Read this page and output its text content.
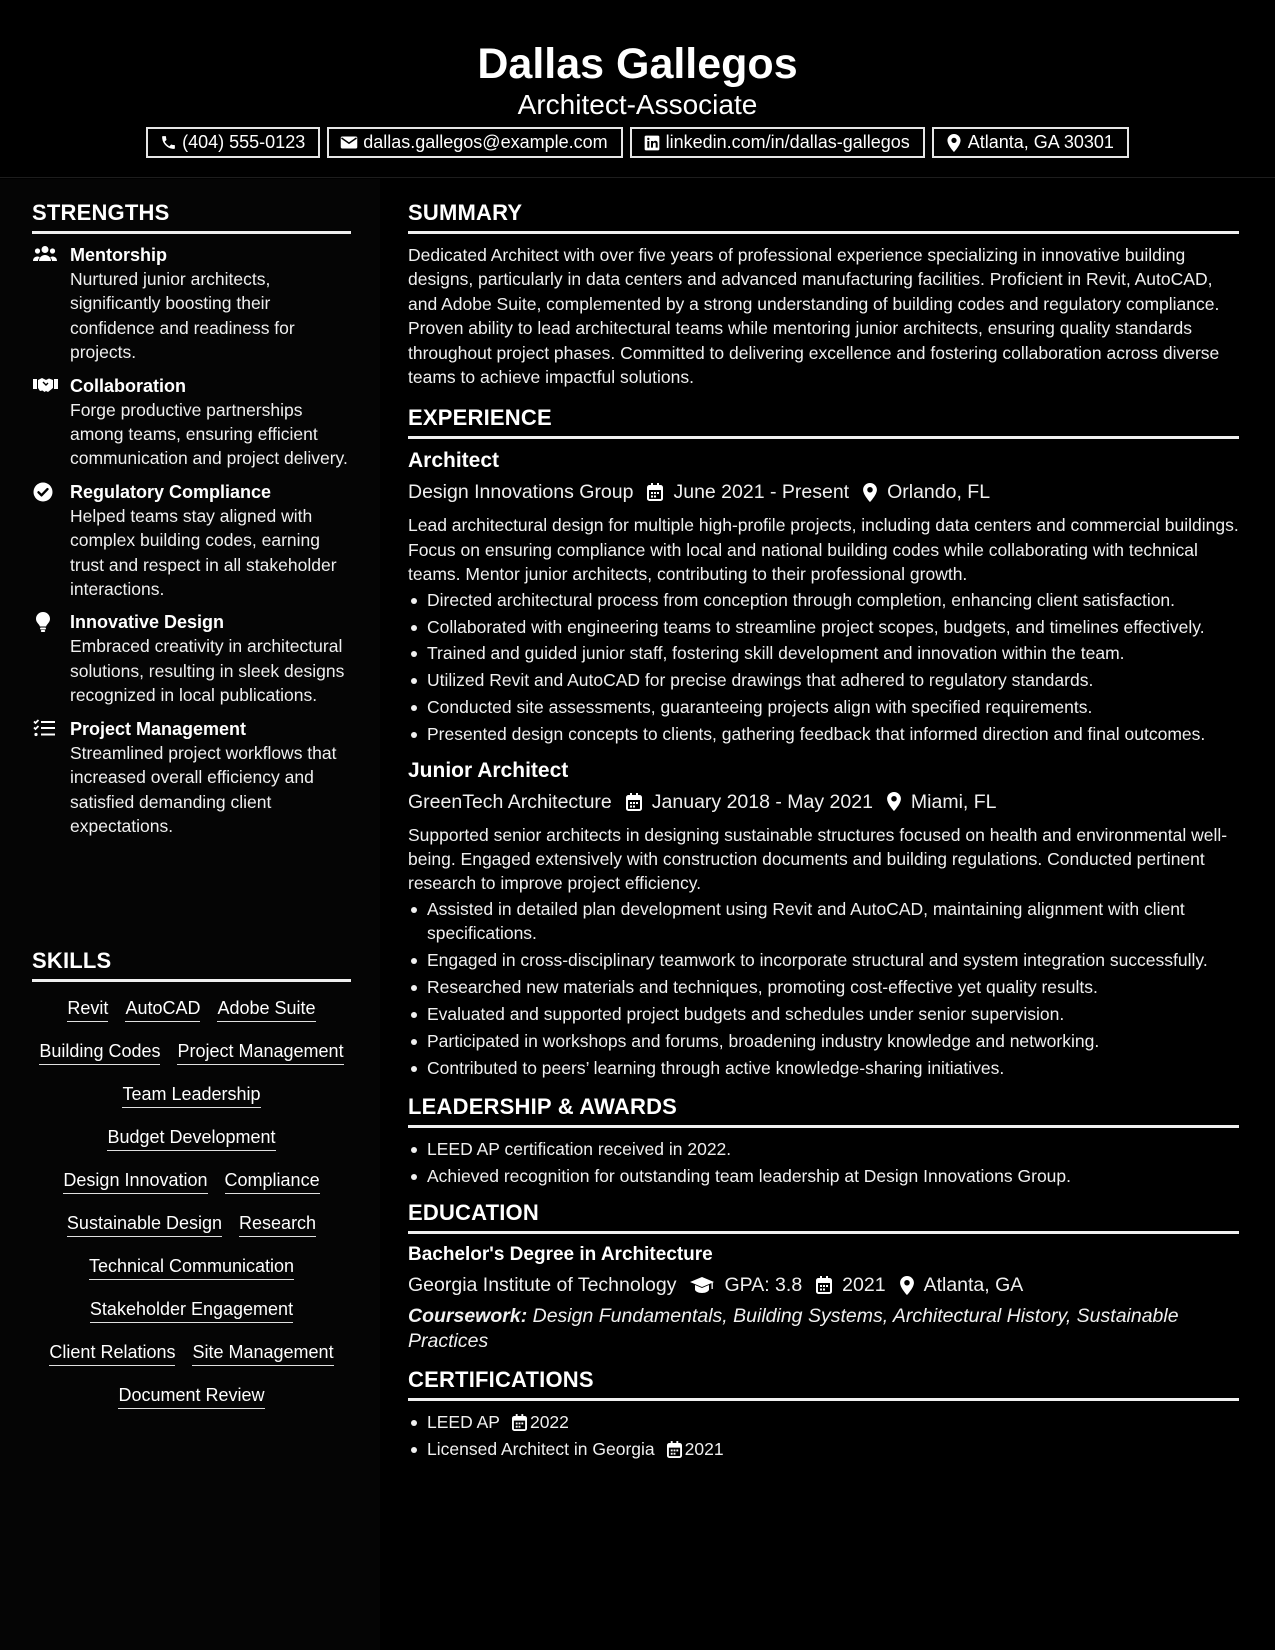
Dallas Gallegos
Architect-Associate
(404) 555-0123	dallas.gallegos@example.com	linkedin.com/in/dallas-gallegos	Atlanta, GA 30301
STRENGTHS
Mentorship
Nurtured junior architects, significantly boosting their confidence and readiness for projects.
Collaboration
Forge productive partnerships among teams, ensuring efficient communication and project delivery.
Regulatory Compliance
Helped teams stay aligned with complex building codes, earning trust and respect in all stakeholder interactions.
Innovative Design
Embraced creativity in architectural solutions, resulting in sleek designs recognized in local publications.
Project Management
Streamlined project workflows that increased overall efficiency and satisfied demanding client expectations.
SKILLS
Revit AutoCAD Adobe Suite
Building Codes Project Management
Team Leadership
Budget Development
Design Innovation Compliance
Sustainable Design Research
Technical Communication
Stakeholder Engagement
Client Relations Site Management
Document Review
SUMMARY
Dedicated Architect with over five years of professional experience specializing in innovative building designs, particularly in data centers and advanced manufacturing facilities. Proficient in Revit, AutoCAD, and Adobe Suite, complemented by a strong understanding of building codes and regulatory compliance. Proven ability to lead architectural teams while mentoring junior architects, ensuring quality standards throughout project phases. Committed to delivering excellence and fostering collaboration across diverse teams to achieve impactful solutions.
EXPERIENCE
Architect
Design Innovations Group June 2021 - Present Orlando, FL
Lead architectural design for multiple high-profile projects, including data centers and commercial buildings. Focus on ensuring compliance with local and national building codes while collaborating with technical teams. Mentor junior architects, contributing to their professional growth.
Directed architectural process from conception through completion, enhancing client satisfaction.
Collaborated with engineering teams to streamline project scopes, budgets, and timelines effectively.
Trained and guided junior staff, fostering skill development and innovation within the team.
Utilized Revit and AutoCAD for precise drawings that adhered to regulatory standards.
Conducted site assessments, guaranteeing projects align with specified requirements.
Presented design concepts to clients, gathering feedback that informed direction and final outcomes.
Junior Architect
GreenTech Architecture January 2018 - May 2021 Miami, FL
Supported senior architects in designing sustainable structures focused on health and environmental well-being. Engaged extensively with construction documents and building regulations. Conducted pertinent research to improve project efficiency.
Assisted in detailed plan development using Revit and AutoCAD, maintaining alignment with client specifications.
Engaged in cross-disciplinary teamwork to incorporate structural and system integration successfully.
Researched new materials and techniques, promoting cost-effective yet quality results.
Evaluated and supported project budgets and schedules under senior supervision.
Participated in workshops and forums, broadening industry knowledge and networking.
Contributed to peers’ learning through active knowledge-sharing initiatives.
LEADERSHIP & AWARDS
LEED AP certification received in 2022.
Achieved recognition for outstanding team leadership at Design Innovations Group.
EDUCATION
Bachelor's Degree in Architecture
Georgia Institute of Technology GPA: 3.8 2021 Atlanta, GA
Coursework: Design Fundamentals, Building Systems, Architectural History, Sustainable Practices
CERTIFICATIONS
LEED AP 2022
Licensed Architect in Georgia 2021
